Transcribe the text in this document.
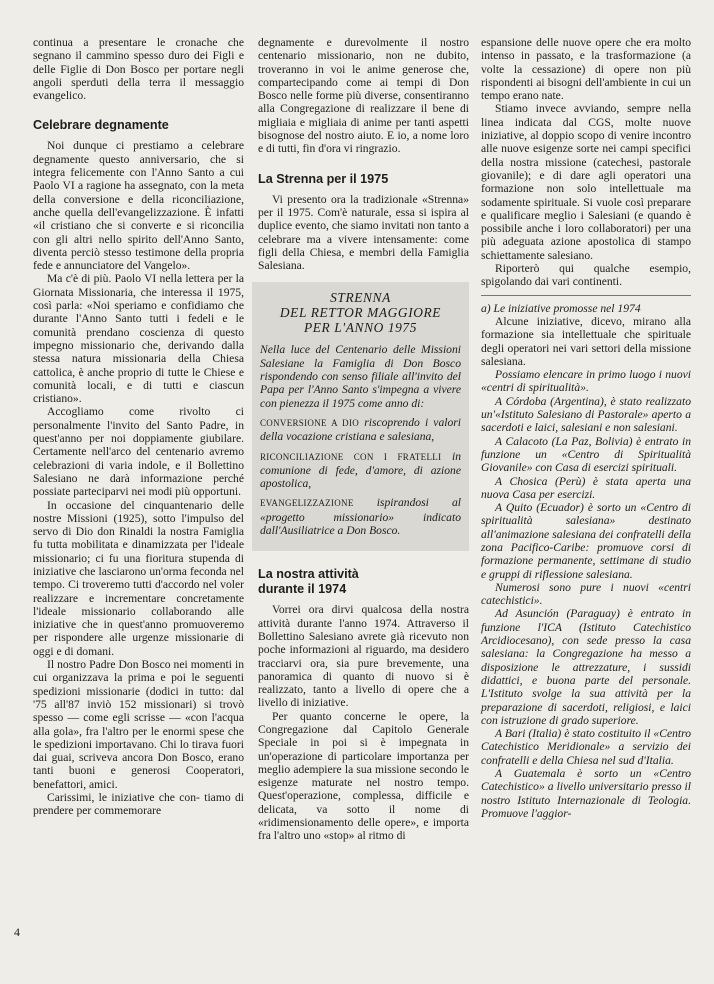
continua a presentare le cronache che segnano il cammino spesso duro dei Figli e delle Figlie di Don Bosco per portare negli angoli sperduti della terra il messaggio evangelico.

Celebrare degnamente

Noi dunque ci prestiamo a celebrare degnamente questo anniversario, che si integra felicemente con l'Anno Santo a cui Paolo VI a ragione ha assegnato, con la meta della conversione e della riconciliazione, anche quella dell'evangelizzazione. È infatti «il cristiano che si converte e si riconcilia con gli altri nello spirito dell'Anno Santo, diventa perciò stesso testimone della propria fede e annunciatore del Vangelo».

Ma c'è di più. Paolo VI nella lettera per la Giornata Missionaria, che interessa il 1975, così parla: «Noi speriamo e confidiamo che durante l'Anno Santo tutti i fedeli e le comunità prendano coscienza di questo impegno missionario che, derivando dalla stessa natura missionaria della Chiesa cattolica, è anche proprio di tutte le Chiese e comunità locali, e di tutti e ciascun cristiano».

Accogliamo come rivolto ci personalmente l'invito del Santo Padre, in quest'anno per noi doppiamente giubilare. Certamente nell'arco del centenario avremo celebrazioni di varia indole, e il Bollettino Salesiano ne darà informazione perché possiate parteciparvi nei modi più opportuni.

In occasione del cinquantenario delle nostre Missioni (1925), sotto l'impulso del servo di Dio don Rinaldi la nostra Famiglia fu tutta mobilitata e dinamizzata per l'ideale missionario; ci fu una fioritura stupenda di iniziative che lasciarono un'orma feconda nel tempo. Ci troveremo tutti d'accordo nel voler realizzare e incrementare concretamente l'ideale missionario collaborando alle iniziative che in quest'anno promuoveremo per rispondere alle urgenze missionarie di oggi e di domani.

Il nostro Padre Don Bosco nei momenti in cui organizzava la prima e poi le seguenti spedizioni missionarie (dodici in tutto: dal '75 all'87 inviò 152 missionari) si trovò spesso — come egli scrisse — «con l'acqua alla gola», fra l'altro per le enormi spese che le spedizioni importavano. Chi lo tirava fuori dai guai, scriveva ancora Don Bosco, erano tanti buoni e generosi Cooperatori, benefattori, amici.

Carissimi, le iniziative che con- tiamo di prendere per commemorare

degnamente e durevolmente il nostro centenario missionario, non ne dubito, troveranno in voi le anime generose che, compartecipando come ai tempi di Don Bosco nelle forme più diverse, consentiranno alla Congregazione di realizzare il bene di migliaia e migliaia di anime per tanti aspetti bisognose del nostro aiuto. E io, a nome loro e di tutti, fin d'ora vi ringrazio.

La Strenna per il 1975

Vi presento ora la tradizionale «Strenna» per il 1975. Com'è naturale, essa si ispira al duplice evento, che siamo invitati non tanto a celebrare ma a vivere intensamente: come figli della Chiesa, e membri della Famiglia Salesiana.

STRENNA
DEL RETTOR MAGGIORE
PER L'ANNO 1975

Nella luce del Centenario delle Missioni Salesiane la Famiglia di Don Bosco rispondendo con senso filiale all'invito del Papa per l'Anno Santo s'impegna a vivere con pienezza il 1975 come anno di:

CONVERSIONE A DIO riscoprendo i valori della vocazione cristiana e salesiana,

RICONCILIAZIONE CON I FRATELLI in comunione di fede, d'amore, di azione apostolica,

EVANGELIZZAZIONE ispirandosi al «progetto missionario» indicato dall'Ausiliatrice a Don Bosco.

La nostra attività
durante il 1974

Vorrei ora dirvi qualcosa della nostra attività durante l'anno 1974. Attraverso il Bollettino Salesiano avrete già ricevuto non poche informazioni al riguardo, ma desidero tracciarvi ora, sia pure brevemente, una panoramica di quanto di nuovo si è realizzato, tanto a livello di opere che a livello di iniziative.

Per quanto concerne le opere, la Congregazione dal Capitolo Generale Speciale in poi si è impegnata in un'operazione di particolare importanza per meglio adempiere la sua missione secondo le esigenze maturate nel nostro tempo. Quest'operazione, complessa, difficile e delicata, va sotto il nome di «ridimensionamento delle opere», e importa fra l'altro uno «stop» al ritmo di

espansione delle nuove opere che era molto intenso in passato, e la trasformazione (a volte la cessazione) di opere non più rispondenti ai bisogni dell'ambiente in cui un tempo erano nate.

Stiamo invece avviando, sempre nella linea indicata dal CGS, molte nuove iniziative, al doppio scopo di venire incontro alle nuove esigenze sorte nei campi specifici della nostra missione (catechesi, pastorale giovanile); e di dare agli operatori una formazione non solo intellettuale ma sodamente spirituale. Si vuole così preparare e qualificare meglio i Salesiani (e quando è possibile anche i loro collaboratori) per una più adeguata azione apostolica di stampo schiettamente salesiano.

Riporterò qui qualche esempio, spigolando dai vari continenti.

a) Le iniziative promosse nel 1974

Alcune iniziative, dicevo, mirano alla formazione sia intellettuale che spirituale degli operatori nei vari settori della missione salesiana.

Possiamo elencare in primo luogo i nuovi «centri di spiritualità».

A Córdoba (Argentina), è stato realizzato un'«Istituto Salesiano di Pastorale» aperto a sacerdoti e laici, salesiani e non salesiani.

A Calacoto (La Paz, Bolivia) è entrato in funzione un «Centro di Spiritualità Giovanile» con Casa di esercizi spirituali.

A Chosica (Perù) è stata aperta una nuova Casa per esercizi.

A Quito (Ecuador) è sorto un «Centro di spiritualità salesiana» destinato all'animazione salesiana dei confratelli della zona Pacifico-Caribe: promuove corsi di formazione permanente, settimane di studio e gruppi di riflessione salesiana.

Numerosi sono pure i nuovi «centri catechistici».

Ad Asunción (Paraguay) è entrato in funzione l'ICA (Istituto Catechistico Arcidiocesano), con sede presso la casa salesiana: la Congregazione ha messo a disposizione le attrezzature, i sussidi didattici, e buona parte del personale. L'Istituto svolge la sua attività per la preparazione di sacerdoti, religiosi, e laici con istruzione di grado superiore.

A Bari (Italia) è stato costituito il «Centro Catechistico Meridionale» a servizio dei confratelli e della Chiesa nel sud d'Italia.

A Guatemala è sorto un «Centro Catechistico» a livello universitario presso il nostro Istituto Internazionale di Teologia. Promuove l'aggior-

4
